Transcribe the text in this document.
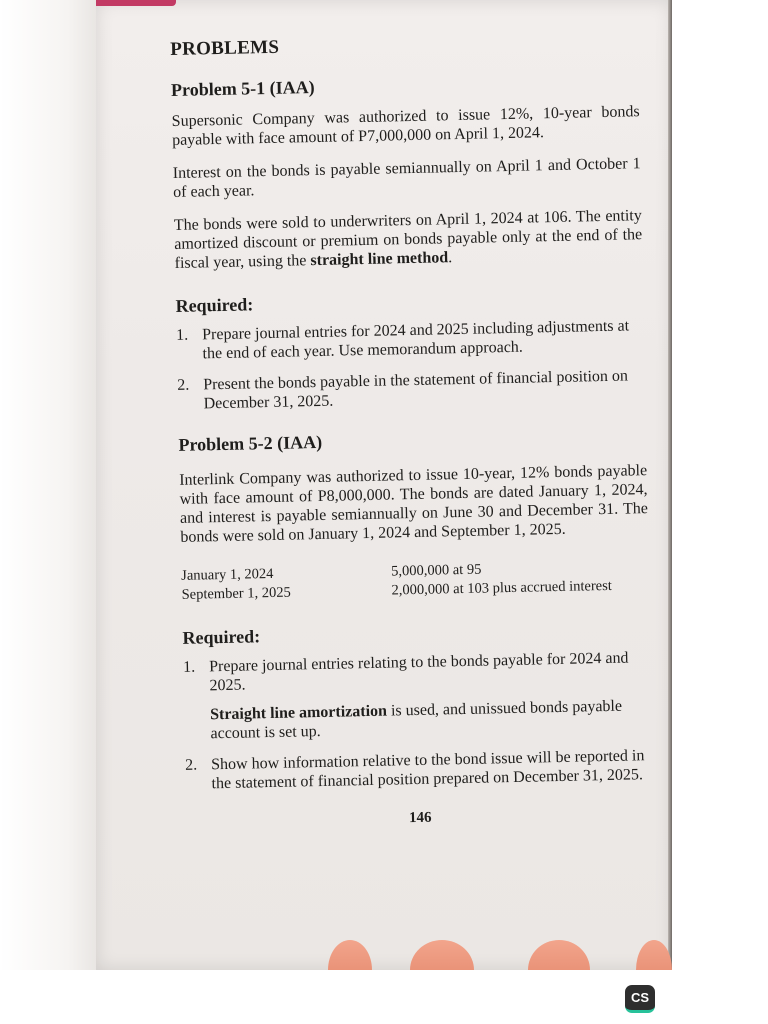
PROBLEMS
Problem 5-1 (IAA)

Supersonic Company was authorized to issue 12%, 10-year bonds payable with face amount of P7,000,000 on April 1, 2024.

Interest on the bonds is payable semiannually on April 1 and October 1 of each year.

The bonds were sold to underwriters on April 1, 2024 at 106. The entity amortized discount or premium on bonds payable only at the end of the fiscal year, using the straight line method.

Required:
1. Prepare journal entries for 2024 and 2025 including adjustments at the end of each year. Use memorandum approach.
2. Present the bonds payable in the statement of financial position on December 31, 2025.
Problem 5-2 (IAA)

Interlink Company was authorized to issue 10-year, 12% bonds payable with face amount of P8,000,000. The bonds are dated January 1, 2024, and interest is payable semiannually on June 30 and December 31. The bonds were sold on January 1, 2024 and September 1, 2025.

January 1, 2024	5,000,000 at 95
September 1, 2025	2,000,000 at 103 plus accrued interest
Required:
1. Prepare journal entries relating to the bonds payable for 2024 and 2025.
Straight line amortization is used, and unissued bonds payable account is set up.
2. Show how information relative to the bond issue will be reported in the statement of financial position prepared on December 31, 2025.
146
CS
